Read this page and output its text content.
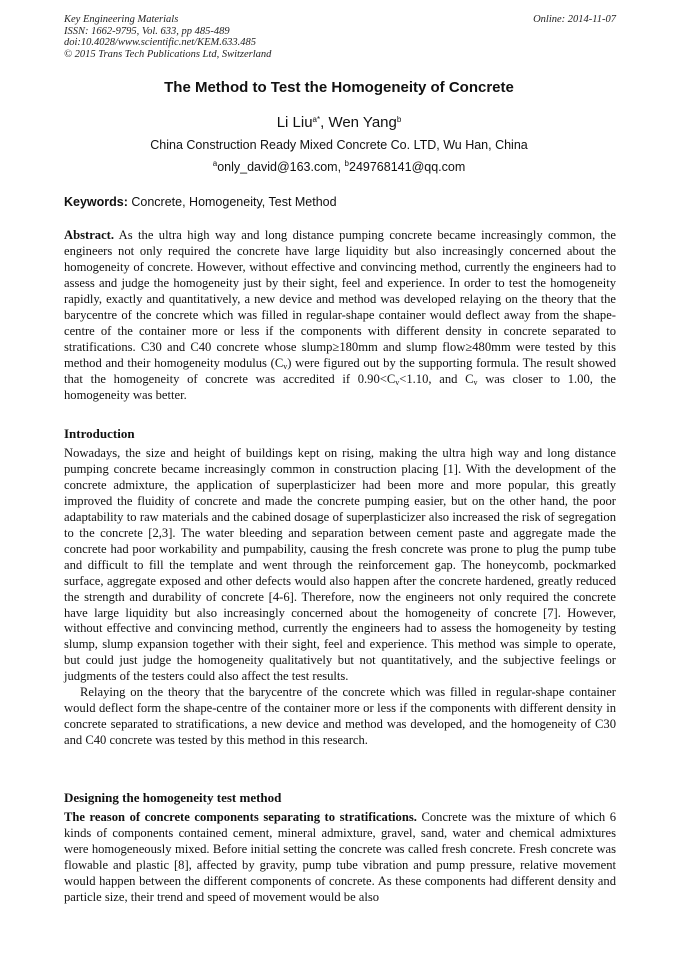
Key Engineering Materials
ISSN: 1662-9795, Vol. 633, pp 485-489
doi:10.4028/www.scientific.net/KEM.633.485
© 2015 Trans Tech Publications Ltd, Switzerland
Online: 2014-11-07
The Method to Test the Homogeneity of Concrete
Li Liu$^{a*}$, Wen Yang$^b$
China Construction Ready Mixed Concrete Co. LTD, Wu Han, China
$^a$only_david@163.com, $^b$249768141@qq.com
Keywords: Concrete, Homogeneity, Test Method
Abstract. As the ultra high way and long distance pumping concrete became increasingly common, the engineers not only required the concrete have large liquidity but also increasingly concerned about the homogeneity of concrete. However, without effective and convincing method, currently the engineers had to assess and judge the homogeneity just by their sight, feel and experience. In order to test the homogeneity rapidly, exactly and quantitatively, a new device and method was developed relaying on the theory that the barycentre of the concrete which was filled in regular-shape container would deflect away from the shape-centre of the container more or less if the components with different density in concrete separated to stratifications. C30 and C40 concrete whose slump≥180mm and slump flow≥480mm were tested by this method and their homogeneity modulus $(C_v)$ were figured out by the supporting formula. The result showed that the homogeneity of concrete was accredited if $0.90<C_v<1.10$, and $C_v$ was closer to 1.00, the homogeneity was better.
Introduction

Nowadays, the size and height of buildings kept on rising, making the ultra high way and long distance pumping concrete became increasingly common in construction placing [1]. With the development of the concrete admixture, the application of superplasticizer had been more and more popular, this greatly improved the fluidity of concrete and made the concrete pumping easier, but on the other hand, the poor adaptability to raw materials and the cabined dosage of superplasticizer also increased the risk of segregation to the concrete [2,3]. The water bleeding and separation between cement paste and aggregate made the concrete had poor workability and pumpability, causing the fresh concrete was prone to plug the pump tube and difficult to fill the template and went through the reinforcement gap. The honeycomb, pockmarked surface, aggregate exposed and other defects would also happen after the concrete hardened, greatly reduced the strength and durability of concrete [4-6]. Therefore, now the engineers not only required the concrete have large liquidity but also increasingly concerned about the homogeneity of concrete [7]. However, without effective and convincing method, currently the engineers had to assess the homogeneity by testing slump, slump expansion together with their sight, feel and experience. This method was simple to operate, but could just judge the homogeneity qualitatively but not quantitatively, and the subjective feelings or judgments of the testers could also affect the test results.

Relaying on the theory that the barycentre of the concrete which was filled in regular-shape container would deflect form the shape-centre of the container more or less if the components with different density in concrete separated to stratifications, a new device and method was developed, and the homogeneity of C30 and C40 concrete was tested by this method in this research.

Designing the homogeneity test method
The reason of concrete components separating to stratifications. Concrete was the mixture of which 6 kinds of components contained cement, mineral admixture, gravel, sand, water and chemical admixtures were homogeneously mixed. Before initial setting the concrete was called fresh concrete. Fresh concrete was flowable and plastic [8], affected by gravity, pump tube vibration and pump pressure, relative movement would happen between the different components of concrete. As these components had different density and particle size, their trend and speed of movement would be also
